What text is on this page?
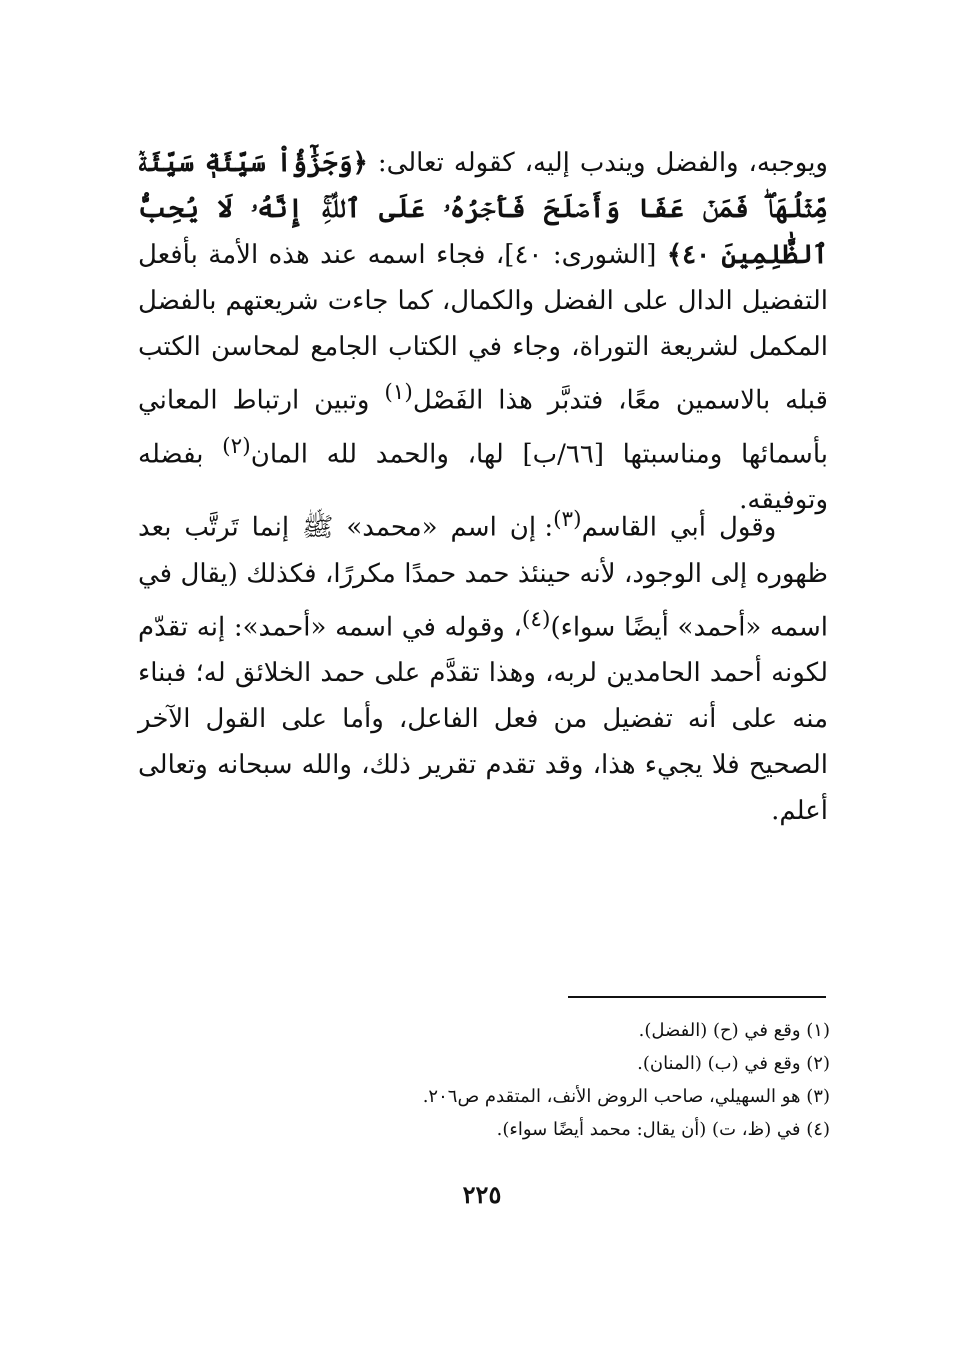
ويوجبه، والفضل ويندب إليه، كقوله تعالى: ﴿وَجَزَٰٓؤُاْ سَيِّئَةٖ سَيِّئَةٞ مِّثۡلُهَاۖ فَمَنۡ عَفَا وَأَصۡلَحَ فَأَجۡرُهُۥ عَلَى ٱللَّهِۚ إِنَّهُۥ لَا يُحِبُّ ٱلظَّٰلِمِينَ ٤٠﴾ [الشورى: ٤٠]، فجاء اسمه عند هذه الأمة بأفعل التفضيل الدال على الفضل والكمال، كما جاءت شريعتهم بالفضل المكمل لشريعة التوراة، وجاء في الكتاب الجامع لمحاسن الكتب قبله بالاسمين معًا، فتدبَّر هذا الفَصْل$^{(١)}$ وتبين ارتباط المعاني بأسمائها ومناسبتها [٦٦/ب] لها، والحمد لله المان$^{(٢)}$ بفضله وتوفيقه.
وقول أبي القاسم$^{(٣)}$: إن اسم «محمد» ﷺ إنما تَرتَّب بعد ظهوره إلى الوجود، لأنه حينئذ حمد حمدًا مكررًا، فكذلك (يقال في اسمه «أحمد» أيضًا سواء)$^{(٤)}$، وقوله في اسمه «أحمد»: إنه تقدّم لكونه أحمد الحامدين لربه، وهذا تقدَّم على حمد الخلائق له؛ فبناء منه على أنه تفضيل من فعل الفاعل، وأما على القول الآخر الصحيح فلا يجيء هذا، وقد تقدم تقرير ذلك، والله سبحانه وتعالى أعلم.
(١) وقع في (ح) (الفضل).
(٢) وقع في (ب) (المنان).
(٣) هو السهيلي، صاحب الروض الأنف، المتقدم ص٢٠٦.
(٤) في (ظ، ت) (أن يقال: محمد أيضًا سواء).
٢٢٥
